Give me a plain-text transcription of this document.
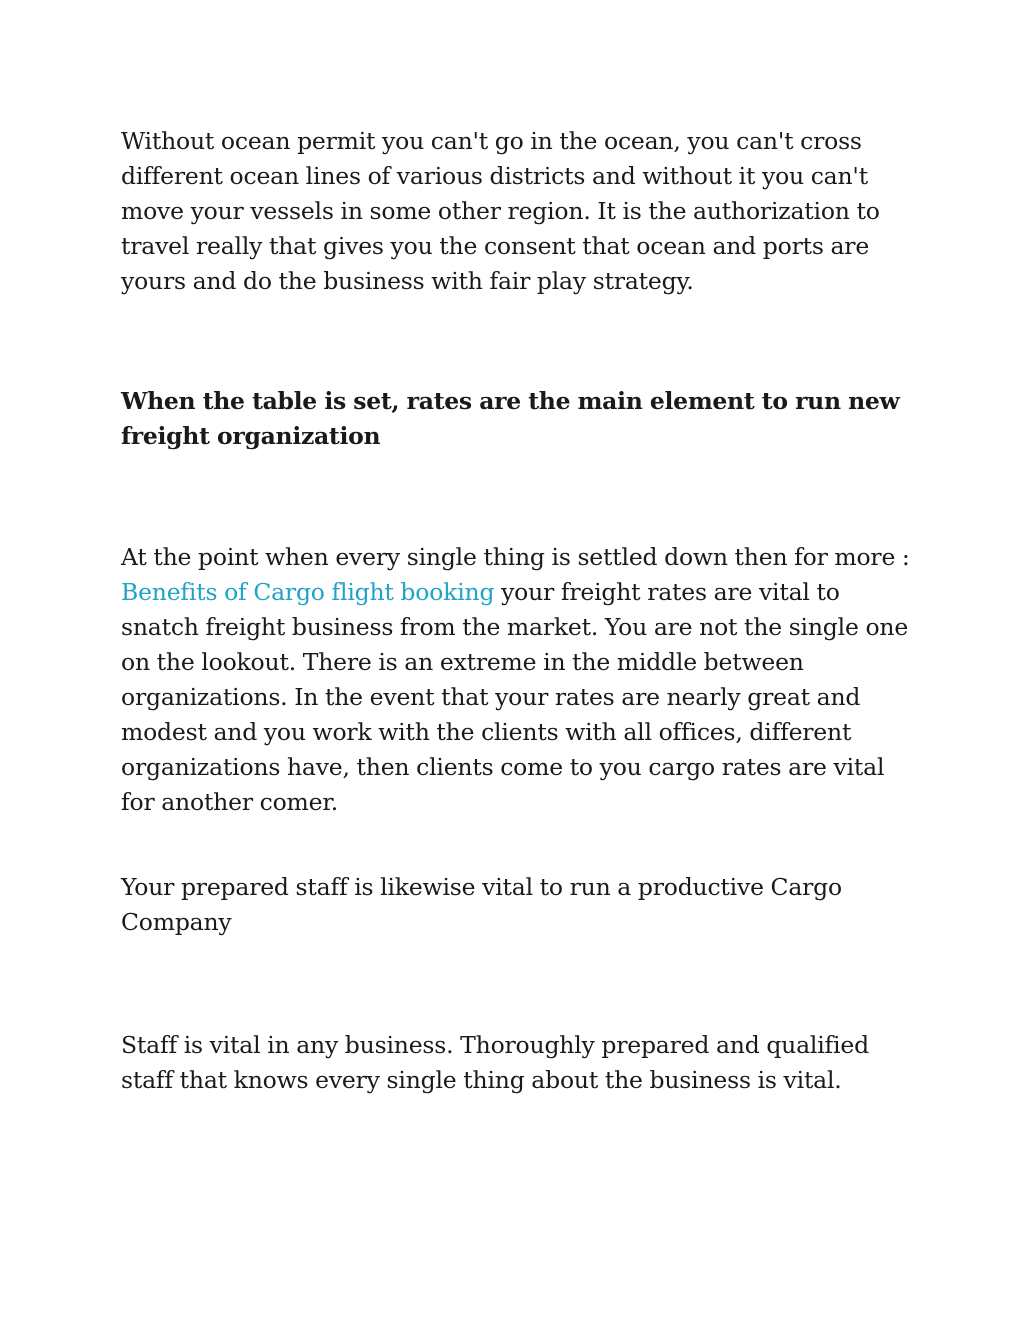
Without ocean permit you can't go in the ocean, you can't cross different ocean lines of various districts and without it you can't move your vessels in some other region. It is the authorization to travel really that gives you the consent that ocean and ports are yours and do the business with fair play strategy.

When the table is set, rates are the main element to run new freight organization

At the point when every single thing is settled down then for more : Benefits of Cargo flight booking your freight rates are vital to snatch freight business from the market. You are not the single one on the lookout. There is an extreme in the middle between organizations. In the event that your rates are nearly great and modest and you work with the clients with all offices, different organizations have, then clients come to you cargo rates are vital for another comer.

Your prepared staff is likewise vital to run a productive Cargo Company

Staff is vital in any business. Thoroughly prepared and qualified staff that knows every single thing about the business is vital.
